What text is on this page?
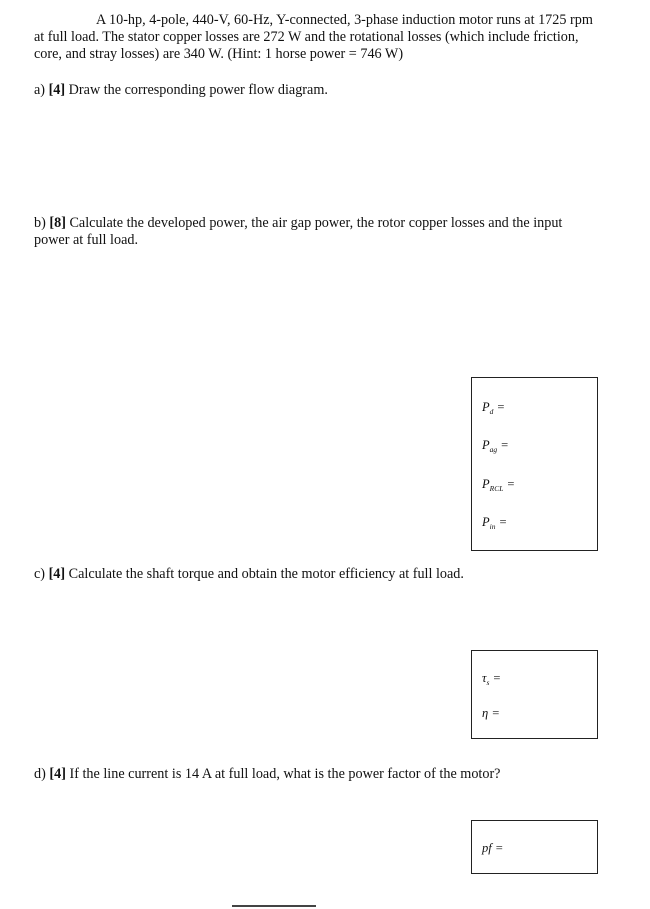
A 10-hp, 4-pole, 440-V, 60-Hz, Y-connected, 3-phase induction motor runs at 1725 rpm

at full load. The stator copper losses are 272 W and the rotational losses (which include friction,

core, and stray losses) are 340 W. (Hint: 1 horse power = 746 W)

a) [4] Draw the corresponding power flow diagram.
b) [8] Calculate the developed power, the air gap power, the rotor copper losses and the input
power at full load.
$P_d$ =
$P_{ag}$ =
$P_{RCL}$ =
$P_{in}$ =
c) [4] Calculate the shaft torque and obtain the motor efficiency at full load.
$\tau_s$ =
η =
d) [4] If the line current is 14 A at full load, what is the power factor of the motor?
pf =
